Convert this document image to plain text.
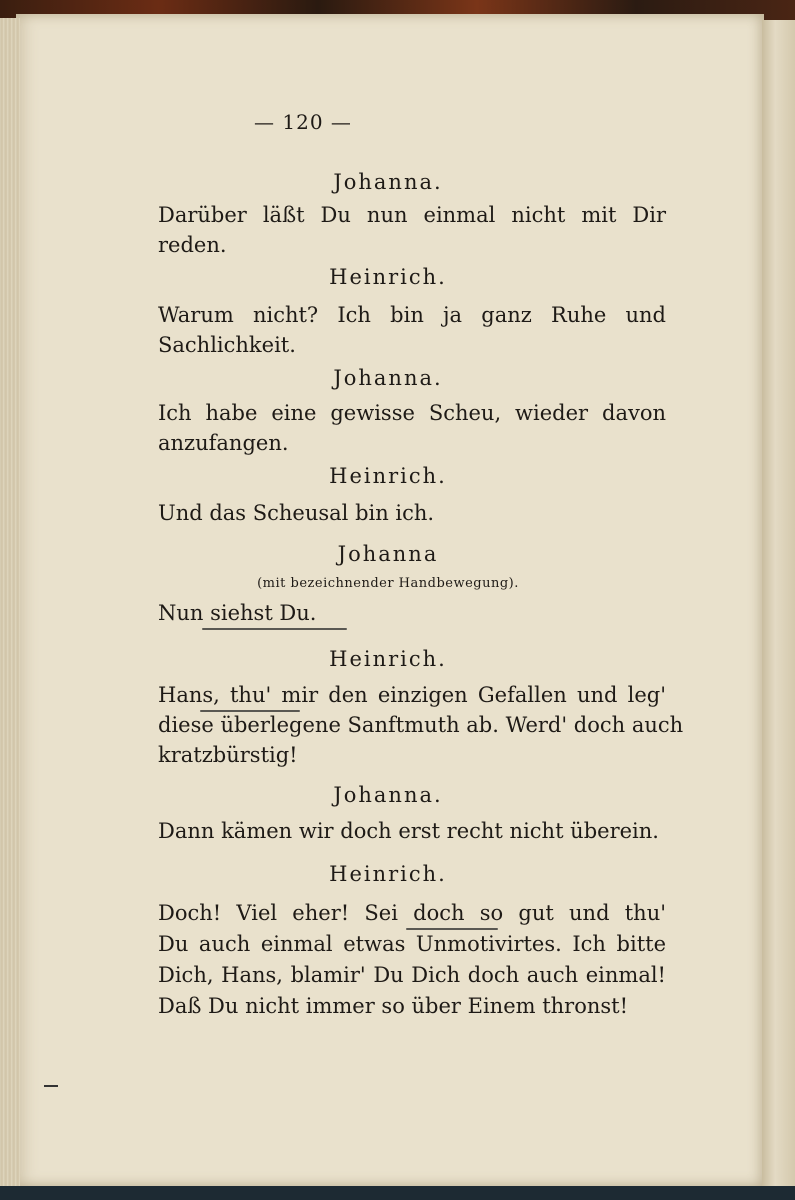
— 120 —
Johanna.
Darüber läßt Du nun einmal nicht mit Dir
reden.
Heinrich.
Warum nicht? Ich bin ja ganz Ruhe und
Sachlichkeit.
Johanna.
Ich habe eine gewisse Scheu, wieder davon
anzufangen.
Heinrich.
Und das Scheusal bin ich.
Johanna
(mit bezeichnender Handbewegung).
Nun siehst Du.
Heinrich.
Hans, thu' mir den einzigen Gefallen und leg'
diese überlegene Sanftmuth ab. Werd' doch auch
kratzbürstig!
Johanna.
Dann kämen wir doch erst recht nicht überein.
Heinrich.
Doch! Viel eher! Sei doch so gut und thu'
Du auch einmal etwas Unmotivirtes. Ich bitte
Dich, Hans, blamir' Du Dich doch auch einmal!
Daß Du nicht immer so über Einem thronst!
